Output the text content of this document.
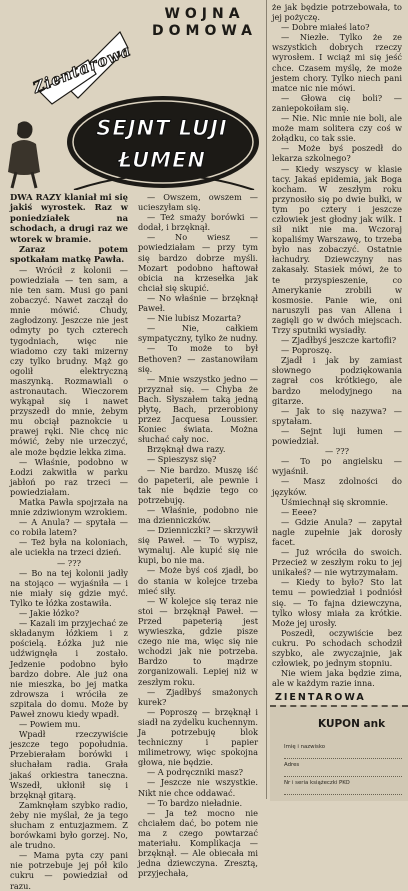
WOJNA
DOMOWA
Zientarowa
SEJNT LUJI
ŁUMEN

DWA RAZY klaniał mi się jakiś wyrostek. Raz w poniedziałek na schodach, a drugi raz we wtorek w bramie.

Zaraz potem spotkałam matkę Pawła.

— Wrócił z kolonii — powiedziała — ten sam, a nie ten sam. Musi go pani zobaczyć. Nawet zaczął do mnie mówić. Chudy, zagłodzony. Jeszcze nie jest odmyty po tych czterech tygodniach, więc nie wiadomo czy taki mizerny czy tylko brudny. Mąż go ogolił elektryczną maszynką. Rozmawiali o astronautach. Wieczorem wykąpał się i nawet przyszedł do mnie, żebym mu obciął paznokcie u prawej ręki. Nie chcę nic mówić, żeby nie urzeczyć, ale może będzie lekka zima.

— Właśnie, podobno w Łodzi zakwitła w parku jabłoń po raz trzeci — powiedziałam.

Matka Pawła spojrzała na mnie zdziwionym wzrokiem.

— A Anula? — spytała — co robiła latem?

— Też była na koloniach, ale uciekła na trzeci dzień.

— ???

— Bo na tej kolonii jadły na stojąco — wyjaśniła — i nie miały się gdzie myć. Tylko te łóżka zostawiła.

— Jakie łóżko?

— Kazali im przyjechać ze składanym łóżkiem i z pościelą. Łóżka już nie udźwignęła i zostało. Jedzenie podobno było bardzo dobre. Ale już ona nie mieszka, bo jej matka zdrowsza i wróciła ze szpitala do domu. Może by Paweł znowu kiedy wpadł.

— Powiem mu.

Wpadł rzeczywiście jeszcze tego popołudnia. Przebierałam borówki i słuchałam radia. Grała jakaś orkiestra taneczna. Wszedł, ukłonił się i brzęknął gitarą.

Zamknęłam szybko radio, żeby nie myślał, że ja tego słucham z entuzjazmem. Z borówkami było gorzej. No, ale trudno.

— Mama pyta czy pani nie potrzebuje jej pół kilo cukru — powiedział od razu.

— Owszem, owszem — ucieszyłam się.

— Też smaży borówki — dodał, i brzęknął.

— No wiesz — powiedziałam — przy tym się bardzo dobrze myśli. Mozart podobno haftował obicia na krzesełka jak chciał się skupić.

— No właśnie — brzęknął Paweł.

— Nie lubisz Mozarta?

— Nie, całkiem sympatyczny, tylko że nudny.

— To może to był Bethoven? — zastanowiłam się.

— Mnie wszystko jedno — przyznał się. — Chyba że Bach. Słyszałem taką jedną płytę, Bach, przerobiony przez Jacquesa Loussier. Koniec świata. Można słuchać cały noc.

Brzęknął dwa razy.

— Spieszysz się?

— Nie bardzo. Muszę iść do papeterii, ale pewnie i tak nie będzie tego co potrzebuję.

— Właśnie, podobno nie ma dzienniczków.

— Dzienniczki? — skrzywił się Paweł. — To wypisz, wymaluj. Ale kupić się nie kupi, bo nie ma.

— Może byś coś zjadł, bo do stania w kolejce trzeba mieć siły.

— W kolejce się teraz nie stoi — brzęknął Paweł. — Przed papeterią jest wywieszka, gdzie pisze czego nie ma, więc się nie wchodzi jak nie potrzeba. Bardzo to mądrze zorganizowali. Lepiej niż w zeszłym roku.

— Zjadłbyś smażonych kurek?

— Poproszę — brzęknął i siadł na zydelku kuchennym. Ja potrzebuję blok techniczny i papier milimetrowy, więc spokojna głowa, nie będzie.

— A podręczniki masz?

— Jeszcze nie wszystkie. Nikt nie chce oddawać.

— To bardzo nieładnie.

— Ja też mocno nie chciałem dać, bo potem nie ma z czego powtarzać materiału. Komplikacja — brzęknął. — Ale obiecała mi jedna dziewczyna. Zresztą, przyjechała,

że jak będzie potrzebowała, to jej pożyczę.

— Dobre miałeś lato?

— Niezłe. Tylko że ze wszystkich dobrych rzeczy wyrosłem. I wciąż mi się jeść chce. Czasem myślę, że może jestem chory. Tylko niech pani matce nic nie mówi.

— Głowa cię boli? — zaniepokoiłam się.

— Nie. Nic mnie nie boli, ale może mam solitera czy coś w żołądku, co tak ssie.

— Może byś poszedł do lekarza szkolnego?

— Kiedy wszyscy w klasie tacy. Jakaś epidemia, jak Boga kocham. W zeszłym roku przynosiło się po dwie bułki, w tym po cztery i jeszcze człowiek jest głodny jak wilk. I sił nikt nie ma. Wczoraj kopaliśmy Warszawę, to trzeba było nas zobaczyć. Ostatnie łachudry. Dziewczyny nas zakasały. Stasiek mówi, że to te przyspieszenie, co Amerykanie zrobili w kosmosie. Panie wie, oni naruszyli pas van Allena i zagięli go w dwóch miejscach. Trzy sputniki wysiadły.

— Zjadłbyś jeszcze kartofli?

— Poproszę.

Zjadł i jak by zamiast słownego podziękowania zagrał cos krótkiego, ale bardzo melodyjnego na gitarze.

— Jak to się nazywa? — spytałam.

— Sejnt luji łumen — powiedział.

— ???

— To po angielsku — wyjaśnił.

— Masz zdolności do języków.

Uśmiechnął się skromnie.

— Eeee?

— Gdzie Anula? — zapytał nagle zupełnie jak dorosły facet.

— Już wróciła do swoich. Przecież w zeszłym roku to jej unikałeś? — nie wytrzymałam.

— Kiedy to było? Sto lat temu — powiedział i podniósł się. — To fajna dziewczyna, tylko włosy miała za krótkie. Może jej urosły.

Poszedł, oczywiście bez cukru. Po schodach schodził szybko, ale zwyczajnie, jak człowiek, po jednym stopniu.

Nie wiem jaka będzie zima, ale w każdym razie inna.

ZIENTAROWA
KUPON ank
Imię i nazwisko
Adres
Nr i seria książeczki PKO
